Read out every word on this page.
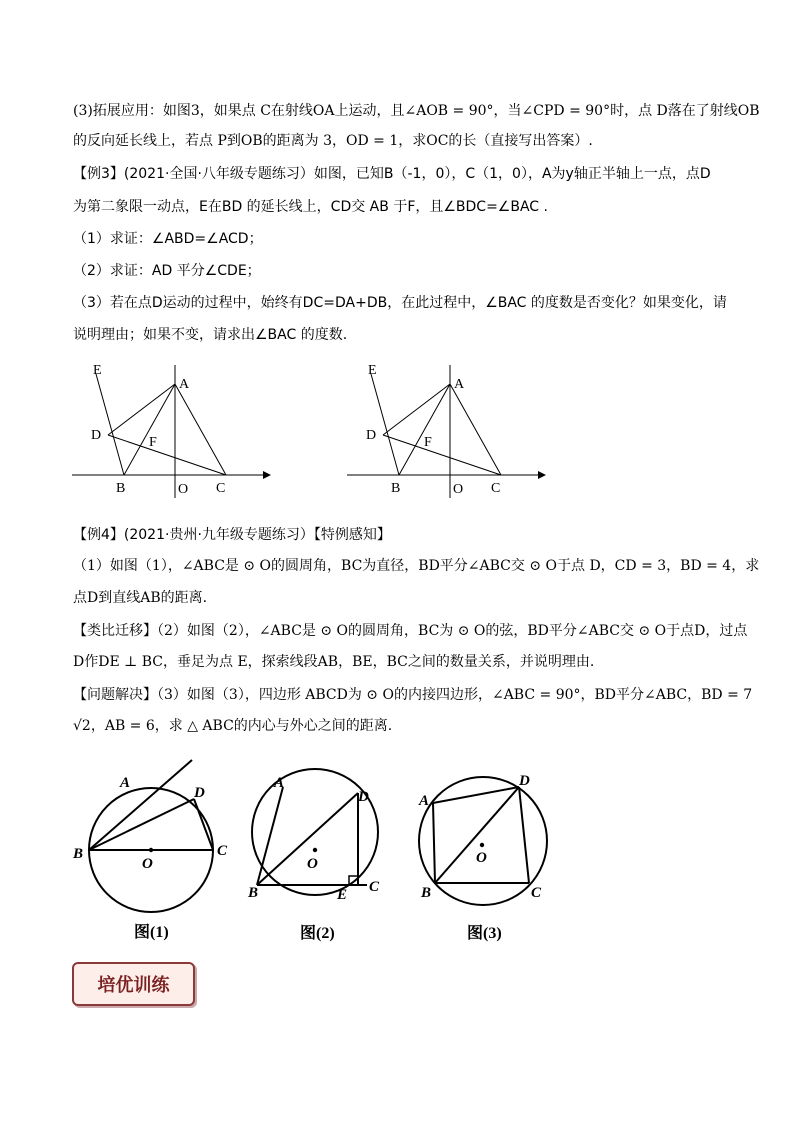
(3)拓展应用：如图3，如果点 C在射线OA上运动，且∠AOB = 90°，当∠CPD = 90°时，点 D落在了射线OB
的反向延长线上，若点 P到OB的距离为 3，OD = 1，求OC的长（直接写出答案）.
【例3】(2021·全国·八年级专题练习）如图，已知B（-1，0），C（1，0），A为y轴正半轴上一点，点D
为第二象限一动点，E在BD 的延长线上，CD交 AB 于F，且∠BDC=∠BAC .
（1）求证：∠ABD=∠ACD；
（2）求证：AD 平分∠CDE；
（3）若在点D运动的过程中，始终有DC=DA+DB，在此过程中，∠BAC 的度数是否变化？如果变化，请
说明理由；如果不变，请求出∠BAC 的度数.
E
A
D	F
B	O C
E
A
D	F
B	O C
【例4】(2021·贵州·九年级专题练习）【特例感知】
（1）如图（1），∠ABC是 ⊙ O的圆周角，BC为直径，BD平分∠ABC交 ⊙ O于点 D，CD = 3，BD = 4，求
点D到直线AB的距离.
【类比迁移】（2）如图（2），∠ABC是 ⊙ O的圆周角，BC为 ⊙ O的弦，BD平分∠ABC交 ⊙ O于点D，过点
D作DE ⊥ BC，垂足为点 E，探索线段AB，BE，BC之间的数量关系，并说明理由.
【问题解决】（3）如图（3），四边形 ABCD为 ⊙ O的内接四边形，∠ABC = 90°，BD平分∠ABC，BD = 7
√2，AB = 6，求 △ ABC的内心与外心之间的距离.
A
D
B	C
O
图(1)
A
D
B	E C
O
图(2)
A
D
B	C
O
图(3)
培优训练
